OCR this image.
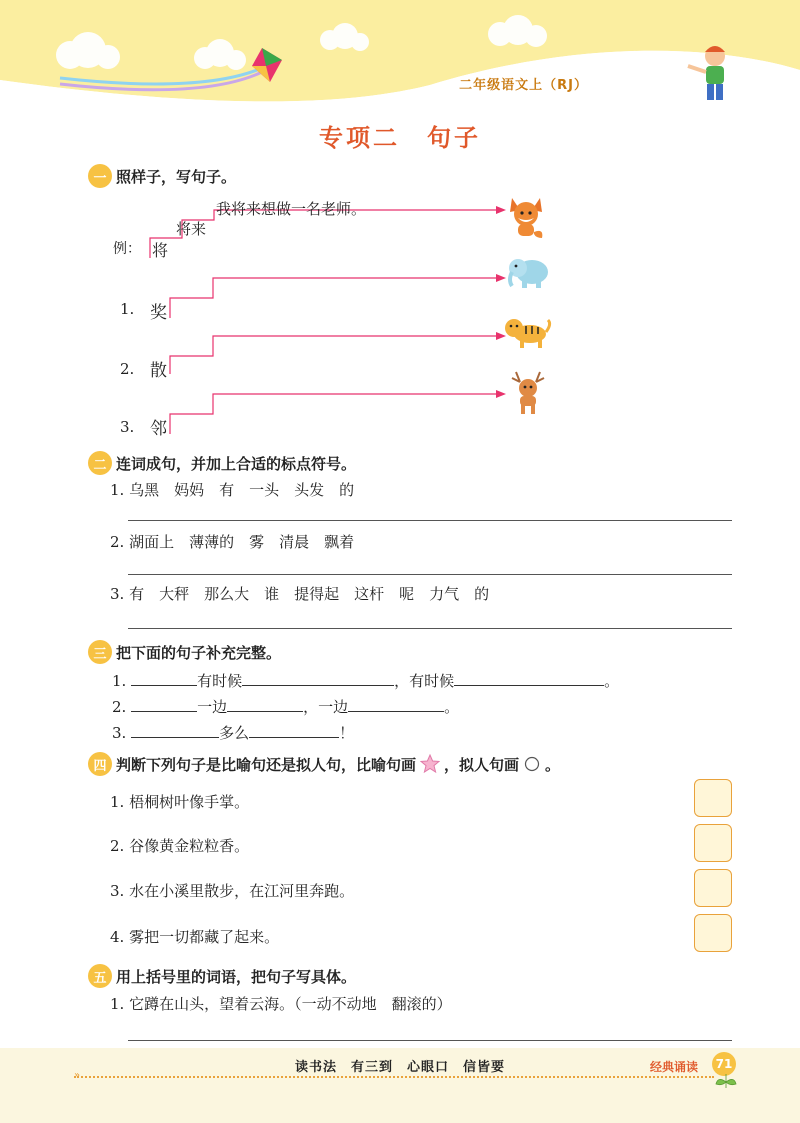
二年级语文上（RJ）
专项二　句子
一 照样子，写句子。
例： 将
将来
我将来想做一名老师。
1. 奖
2. 散
3. 邻
二 连词成句，并加上合适的标点符号。
1. 乌黑　妈妈　有　一头　头发　的
2. 湖面上　薄薄的　雾　清晨　飘着
3. 有　大秤　那么大　谁　提得起　这杆　呢　力气　的
三 把下面的句子补充完整。
1.	有时候	，有时候	。
2.	一边	，一边	。
3.	多么	！
四 判断下列句子是比喻句还是拟人句，比喻句画 ，拟人句画 。
1. 梧桐树叶像手掌。
2. 谷像黄金粒粒香。
3. 水在小溪里散步，在江河里奔跑。
4. 雾把一切都藏了起来。
五 用上括号里的词语，把句子写具体。
1. 它蹲在山头，望着云海。（一动不动地　翻滚的）
读书法　有三到　心眼口　信皆要	经典诵读	71
»
